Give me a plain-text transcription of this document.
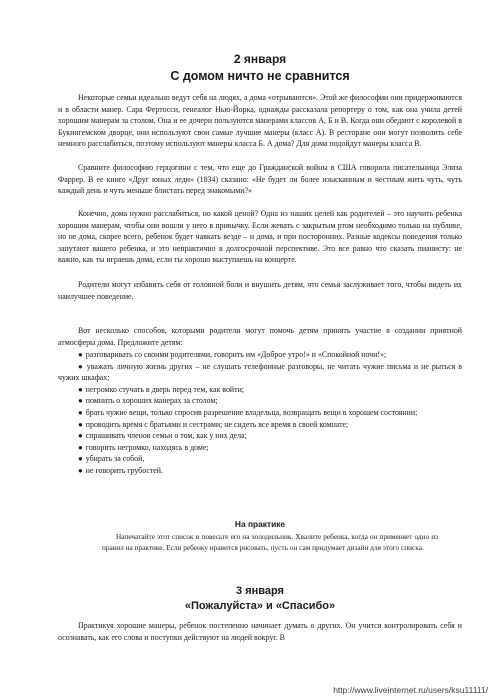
2 января
С домом ничто не сравнится

Некоторые семьи идеально ведут себя на людях, а дома «отрываются». Этой же философии они придерживаются и в области манер. Сара Фертосси, генеалог Нью-Йорка, однажды рассказала репортеру о том, как она учила детей хорошим манерам за столом. Она и ее дочери пользуются манерами классов А, Б и В. Когда они обедают с королевой в Букингемском дворце, они используют свои самые лучшие манеры (класс А). В ресторане они могут позволить себе немного расслабиться, поэтому используют манеры класса Б. А дома? Для дома подойдут манеры класса В.

Сравните философию герцогини с тем, что еще до Гражданской войны в США говорила писательница Элиза Фаррер. В ее книге «Друг юных леди» (1834) сказано: «Не будет ли более изысканным и честным жить чуть, чуть каждый день и чуть меньше блистать перед знакомыми?»

Конечно, дома нужно расслабиться, но какой ценой? Одна из наших целей как родителей – это научить ребенка хорошим манерам, чтобы они вошли у него в привычку. Если жевать с закрытым ртом необходимо только на публике, но не дома, скорее всего, ребенок будет чавкать везде – и дома, и при посторонних. Разные кодексы поведения только запутают вашего ребенка, и это непрактично в долгосрочной перспективе. Это все равно что сказать пианисту: не важно, как ты играешь дома, если ты хорошо выступаешь на концерте.

Родители могут избавить себя от головной боли и внушить детям, что семья заслуживает того, чтобы видеть их наилучшее поведение.

Вот несколько способов, которыми родители могут помочь детям принять участие в создании приятной атмосферы дома. Предложите детям:

● разговаривать со своими родителями, говорить им «Доброе утро!» и «Спокойной ночи!»;
● уважать личную жизнь других – не слушать телефонные разговоры, не читать чужие письма и не рыться в чужих шкафах;
● негромко стучать в дверь перед тем, как войти;
● помнить о хороших манерах за столом;
● брать чужие вещи, только спросив разрешение владельца, возвращать вещи в хорошем состоянии;
● проводить время с братьями и сестрами; не сидеть все время в своей комнате;
● спрашивать членов семьи о том, как у них дела;
● говорить негромко, находясь в доме;
● убирать за собой,
● не говорить грубостей.
На практике

Напечатайте этот список и повесьте его на холодильник. Хвалите ребенка, когда он применяет одно из правил на практике. Если ребенку нравится рисовать, пусть он сам придумает дизайн для этого списка.

3 января
«Пожалуйста» и «Спасибо»

Практикуя хорошие манеры, ребенок постепенно начинает думать о других. Он учится контролировать себя и осознавать, как его слова и поступки действуют на людей вокруг. В

http://www.liveinternet.ru/users/ksu11111/
